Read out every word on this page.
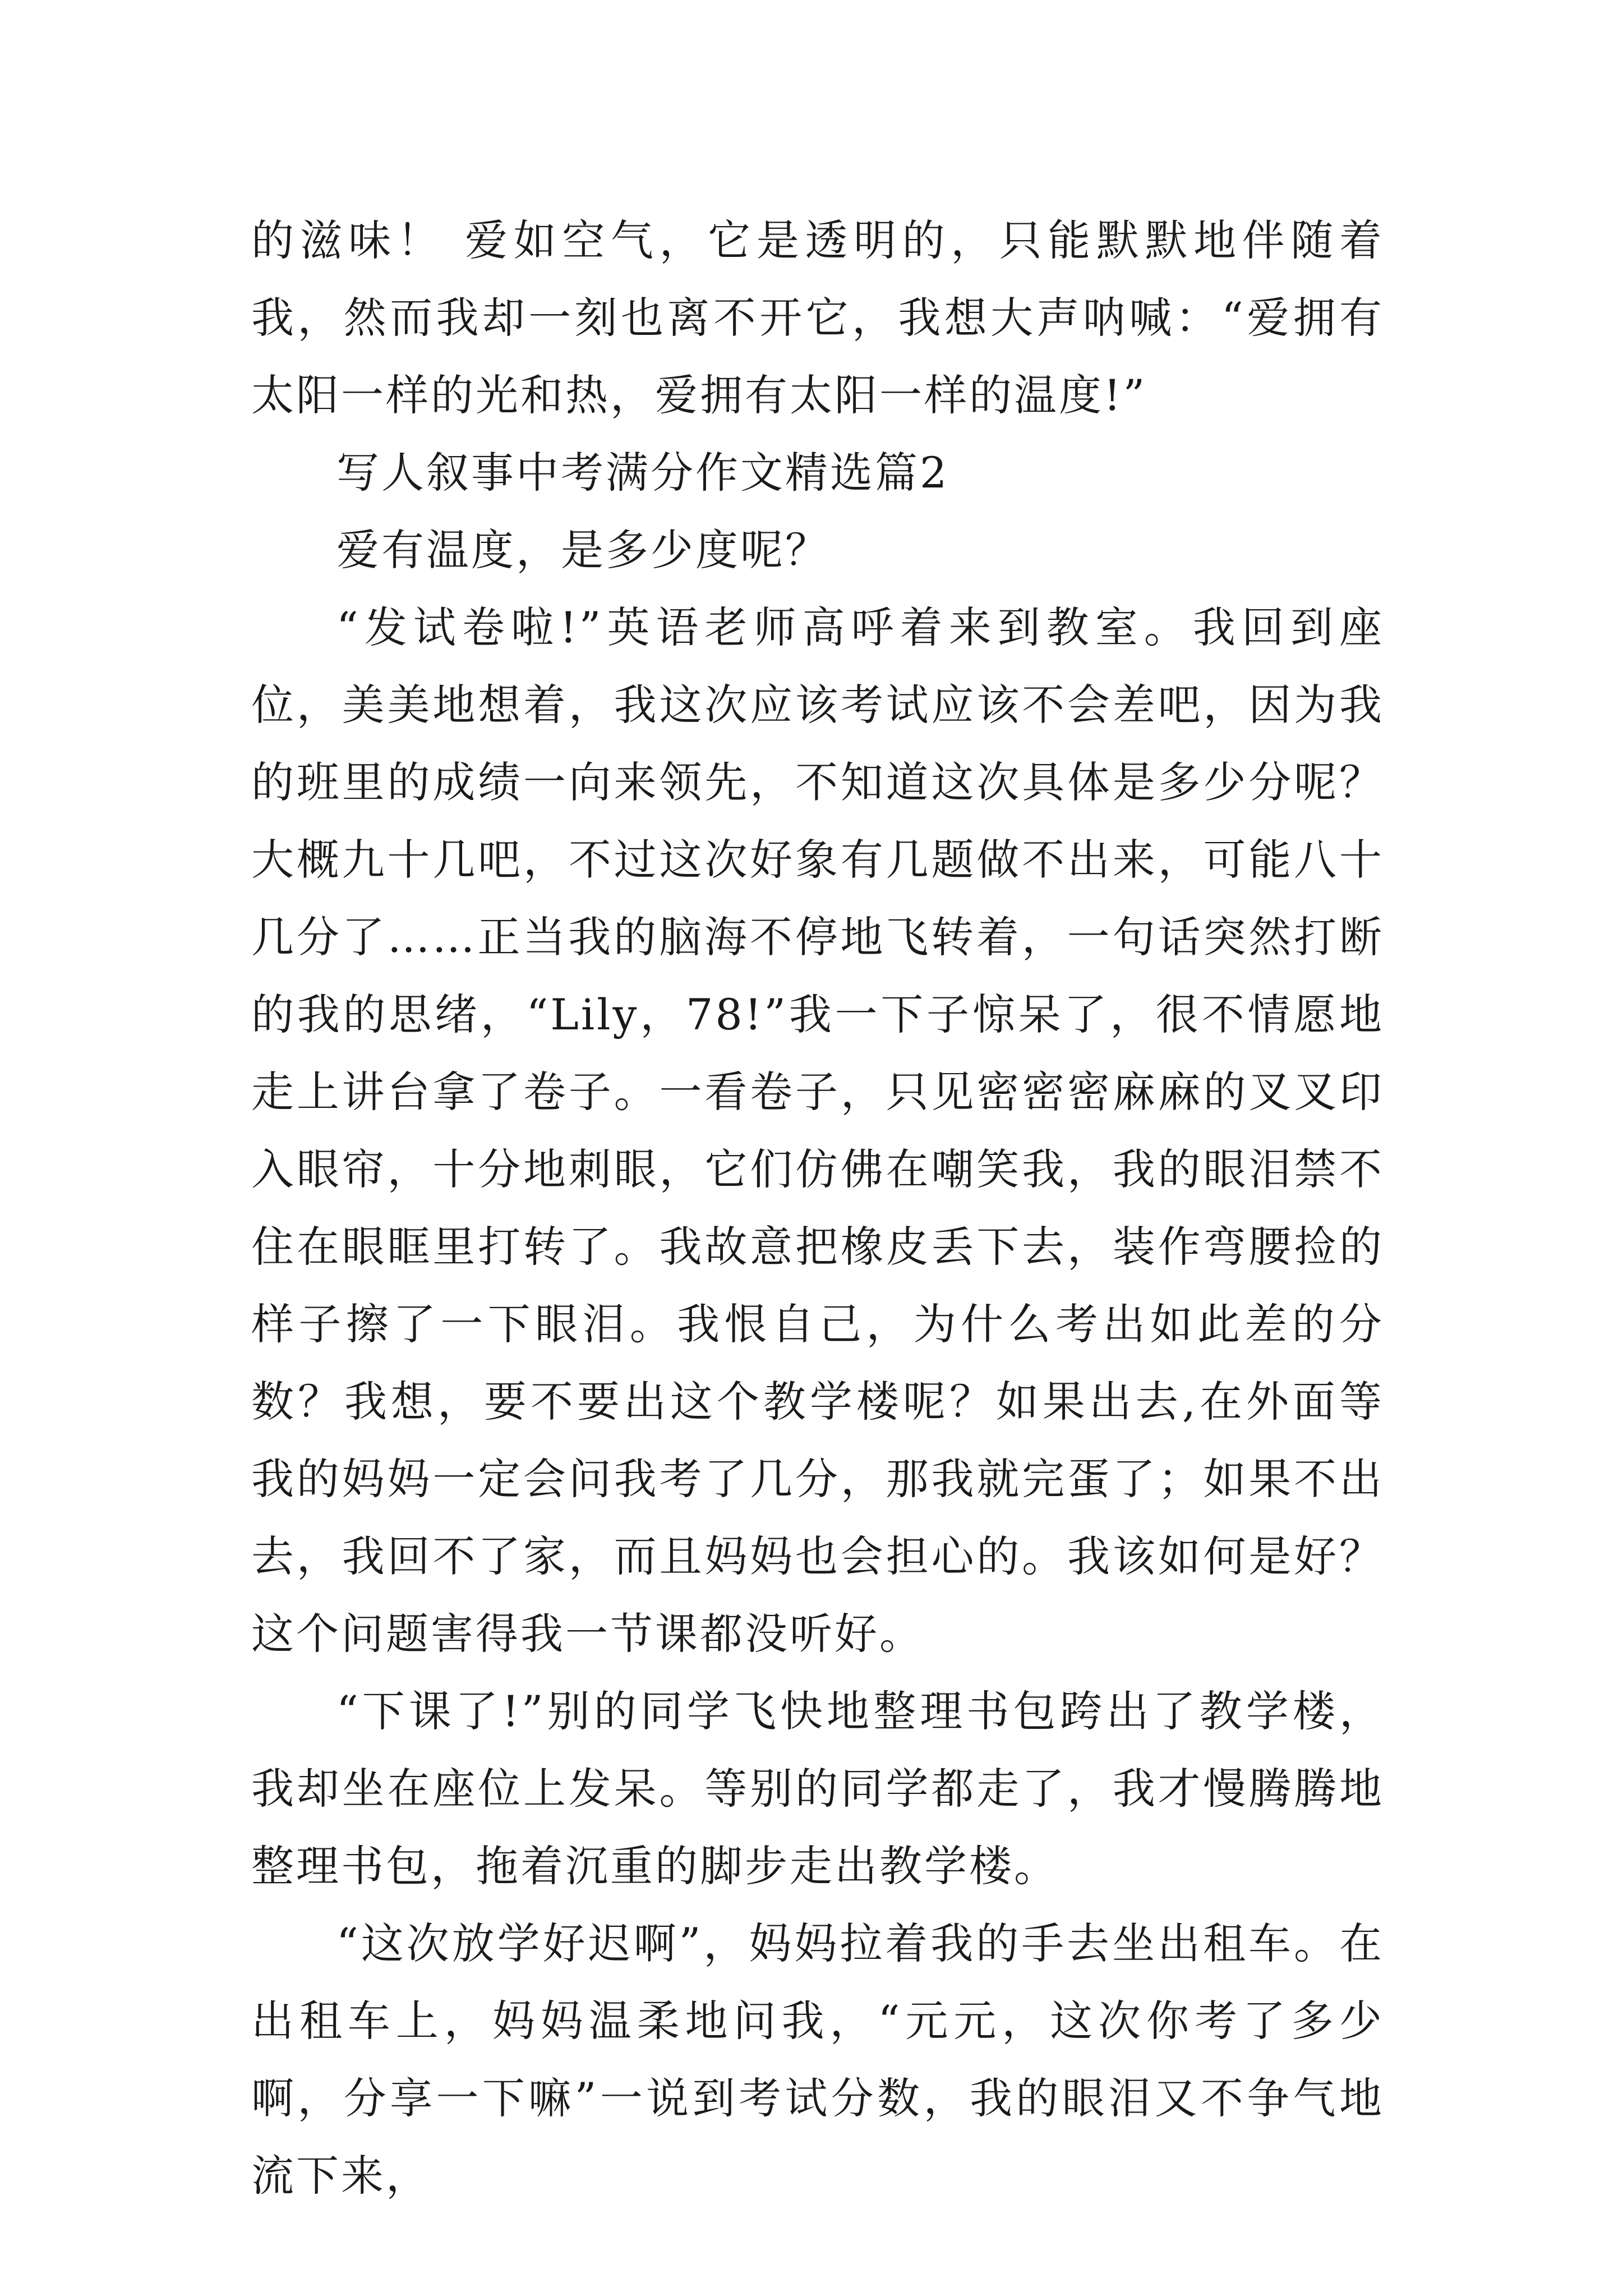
的滋味！ 爱如空气，它是透明的，只能默默地伴随着我，然而我却一刻也离不开它，我想大声呐喊：“爱拥有太阳一样的光和热，爱拥有太阳一样的温度!”

写人叙事中考满分作文精选篇2

爱有温度，是多少度呢？

“发试卷啦!”英语老师高呼着来到教室。我回到座位，美美地想着，我这次应该考试应该不会差吧，因为我的班里的成绩一向来领先，不知道这次具体是多少分呢？大概九十几吧，不过这次好象有几题做不出来，可能八十几分了……正当我的脑海不停地飞转着，一句话突然打断的我的思绪，“Lily，78!”我一下子惊呆了，很不情愿地走上讲台拿了卷子。一看卷子，只见密密密麻麻的叉叉印入眼帘，十分地刺眼，它们仿佛在嘲笑我，我的眼泪禁不住在眼眶里打转了。我故意把橡皮丢下去，装作弯腰捡的样子擦了一下眼泪。我恨自己，为什么考出如此差的分数？我想，要不要出这个教学楼呢？如果出去,在外面等我的妈妈一定会问我考了几分，那我就完蛋了；如果不出去，我回不了家，而且妈妈也会担心的。我该如何是好？这个问题害得我一节课都没听好。

“下课了!”别的同学飞快地整理书包跨出了教学楼，我却坐在座位上发呆。等别的同学都走了，我才慢腾腾地整理书包，拖着沉重的脚步走出教学楼。

“这次放学好迟啊”，妈妈拉着我的手去坐出租车。在出租车上，妈妈温柔地问我，“元元，这次你考了多少啊，分享一下嘛”一说到考试分数，我的眼泪又不争气地流下来，
